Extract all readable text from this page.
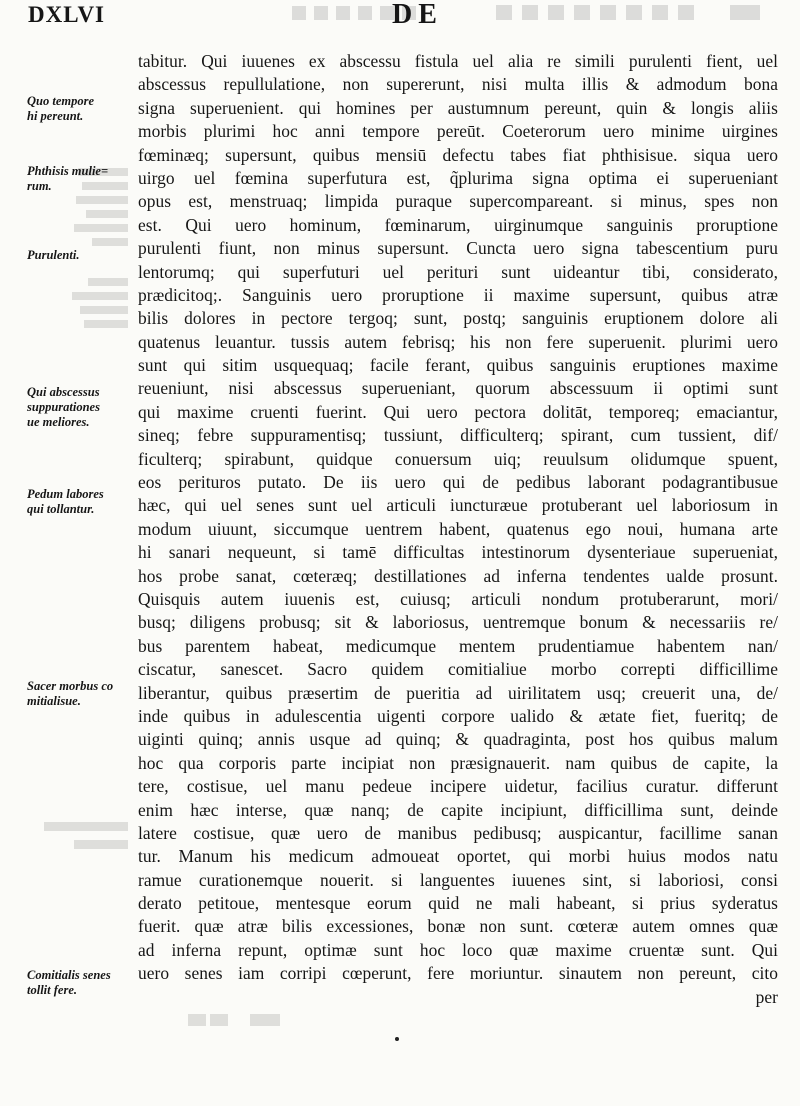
DXLVI	DE
Quo tempore
hi pereunt.
Phthisis mulie=
rum.
Purulenti.
Qui abscessus
suppurationes
ue meliores.
Pedum labores
qui tollantur.
Sacer morbus co
mitialisue.
Comitialis senes
tollit fere.
tabitur. Qui iuuenes ex abscessu fistula uel alia re simili purulenti fient, uel
abscessus repullulatione, non supererunt, nisi multa illis & admodum bona
signa superuenient. qui homines per austumnum pereunt, quin & longis aliis
morbis plurimi hoc anni tempore pereūt. Coeterorum uero minime uirgines
fœminæq; supersunt, quibus mensiū defectu tabes fiat phthisisue. siqua uero
uirgo uel fœmina superfutura est, q̃plurima signa optima ei superueniant
opus est, menstruaq; limpida puraque supercompareant. si minus, spes non
est. Qui uero hominum, fœminarum, uirginumque sanguinis proruptione
purulenti fiunt, non minus supersunt. Cuncta uero signa tabescentium puru
lentorumq; qui superfuturi uel perituri sunt uideantur tibi, considerato,
prædicitoq;. Sanguinis uero proruptione ii maxime supersunt, quibus atræ
bilis dolores in pectore tergoq; sunt, postq; sanguinis eruptionem dolore ali
quatenus leuantur. tussis autem febrisq; his non fere superuenit. plurimi uero
sunt qui sitim usquequaq; facile ferant, quibus sanguinis eruptiones maxime
reueniunt, nisi abscessus superueniant, quorum abscessuum ii optimi sunt
qui maxime cruenti fuerint. Qui uero pectora dolitāt, temporeq; emaciantur,
sineq; febre suppuramentisq; tussiunt, difficulterq; spirant, cum tussient, dif/
ficulterq; spirabunt, quidque conuersum uiq; reuulsum olidumque spuent,
eos perituros putato. De iis uero qui de pedibus laborant podagrantibusue
hæc, qui uel senes sunt uel articuli iuncturæue protuberant uel laboriosum in
modum uiuunt, siccumque uentrem habent, quatenus ego noui, humana arte
hi sanari nequeunt, si tamē difficultas intestinorum dysenteriaue superueniat,
hos probe sanat, cœteræq; destillationes ad inferna tendentes ualde prosunt.
Quisquis autem iuuenis est, cuiusq; articuli nondum protuberarunt, mori/
busq; diligens probusq; sit & laboriosus, uentremque bonum & necessariis re/
bus parentem habeat, medicumque mentem prudentiamue habentem nan/
ciscatur, sanescet. Sacro quidem comitialiue morbo correpti difficillime
liberantur, quibus præsertim de pueritia ad uirilitatem usq; creuerit una, de/
inde quibus in adulescentia uigenti corpore ualido & ætate fiet, fueritq; de
uiginti quinq; annis usque ad quinq; & quadraginta, post hos quibus malum
hoc qua corporis parte incipiat non præsignauerit. nam quibus de capite, la
tere, costisue, uel manu pedeue incipere uidetur, facilius curatur. differunt
enim hæc interse, quæ nanq; de capite incipiunt, difficillima sunt, deinde
latere costisue, quæ uero de manibus pedibusq; auspicantur, facillime sanan
tur. Manum his medicum admoueat oportet, qui morbi huius modos natu
ramue curationemque nouerit. si languentes iuuenes sint, si laboriosi, consi
derato petitoue, mentesque eorum quid ne mali habeant, si prius syderatus
fuerit. quæ atræ bilis excessiones, bonæ non sunt. cœteræ autem omnes quæ
ad inferna repunt, optimæ sunt hoc loco quæ maxime cruentæ sunt. Qui
uero senes iam corripi cœperunt, fere moriuntur. sinautem non pereunt, cito
per
